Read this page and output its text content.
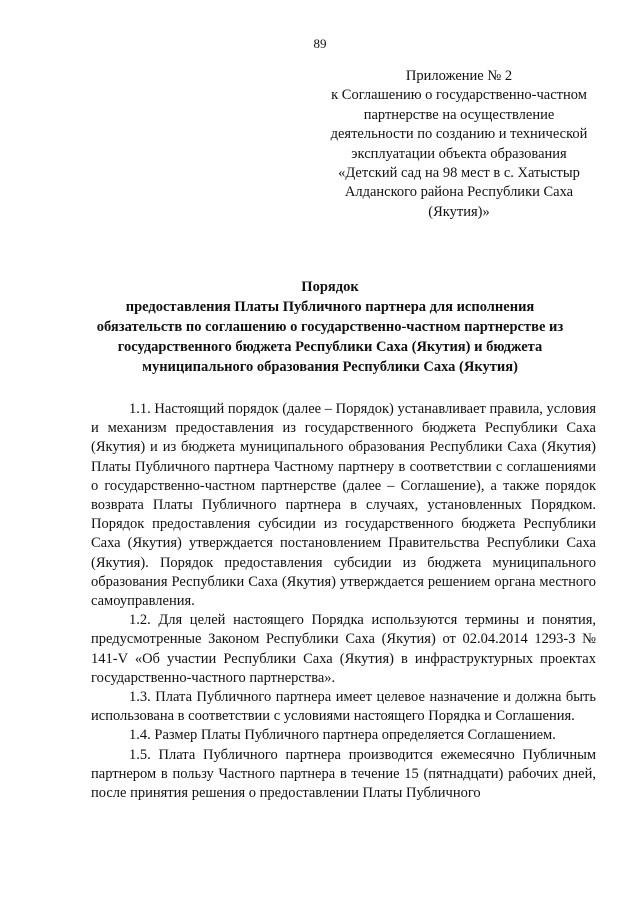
89
Приложение № 2
к Соглашению о государственно-частном
партнерстве на осуществление
деятельности по созданию и технической
эксплуатации объекта образования
«Детский сад на 98 мест в с. Хатыстыр
Алданского района Республики Саха
(Якутия)»
Порядок
предоставления Платы Публичного партнера для исполнения
обязательств по соглашению о государственно-частном партнерстве из
государственного бюджета Республики Саха (Якутия) и бюджета
муниципального образования Республики Саха (Якутия)

1.1. Настоящий порядок (далее – Порядок) устанавливает правила, условия и механизм предоставления из государственного бюджета Республики Саха (Якутия) и из бюджета муниципального образования Республики Саха (Якутия) Платы Публичного партнера Частному партнеру в соответствии с соглашениями о государственно-частном партнерстве (далее – Соглашение), а также порядок возврата Платы Публичного партнера в случаях, установленных Порядком. Порядок предоставления субсидии из государственного бюджета Республики Саха (Якутия) утверждается постановлением Правительства Республики Саха (Якутия). Порядок предоставления субсидии из бюджета муниципального образования Республики Саха (Якутия) утверждается решением органа местного самоуправления.

1.2. Для целей настоящего Порядка используются термины и понятия, предусмотренные Законом Республики Саха (Якутия) от 02.04.2014 1293-З № 141-V «Об участии Республики Саха (Якутия) в инфраструктурных проектах государственно-частного партнерства».

1.3. Плата Публичного партнера имеет целевое назначение и должна быть использована в соответствии с условиями настоящего Порядка и Соглашения.

1.4. Размер Платы Публичного партнера определяется Соглашением.

1.5. Плата Публичного партнера производится ежемесячно Публичным партнером в пользу Частного партнера в течение 15 (пятнадцати) рабочих дней, после принятия решения о предоставлении Платы Публичного
